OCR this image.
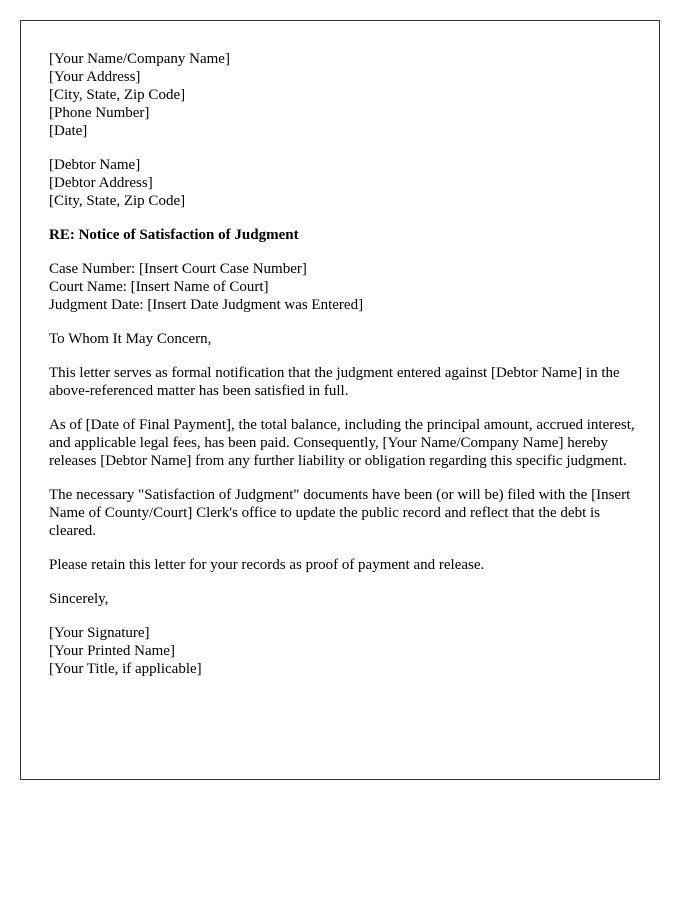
[Your Name/Company Name]
[Your Address]
[City, State, Zip Code]
[Phone Number]
[Date]
[Debtor Name]
[Debtor Address]
[City, State, Zip Code]
RE: Notice of Satisfaction of Judgment
Case Number: [Insert Court Case Number]
Court Name: [Insert Name of Court]
Judgment Date: [Insert Date Judgment was Entered]
To Whom It May Concern,
This letter serves as formal notification that the judgment entered against [Debtor Name] in the above-referenced matter has been satisfied in full.
As of [Date of Final Payment], the total balance, including the principal amount, accrued interest, and applicable legal fees, has been paid. Consequently, [Your Name/Company Name] hereby releases [Debtor Name] from any further liability or obligation regarding this specific judgment.
The necessary "Satisfaction of Judgment" documents have been (or will be) filed with the [Insert Name of County/Court] Clerk's office to update the public record and reflect that the debt is cleared.
Please retain this letter for your records as proof of payment and release.
Sincerely,
[Your Signature]
[Your Printed Name]
[Your Title, if applicable]
